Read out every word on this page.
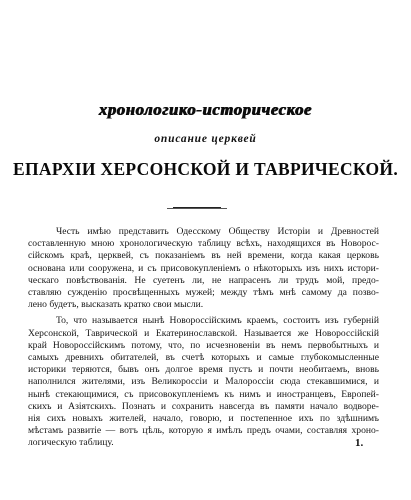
хронологико-историческое
описание церквей
ЕПАРХІИ ХЕРСОНСКОЙ И ТАВРИЧЕСКОЙ.
Честь имѣю представить Одесскому Обществу Исторіи и Древностей
составленную мною хронологическую таблицу всѣхъ, находящихся въ Новорос-
сійскомъ краѣ, церквей, съ показаніемъ въ ней времени, когда какая церковь
основана или сооружена, и съ присовокупленіемъ о нѣкоторыхъ изъ нихъ истори-
ческаго повѣствованія. Не суетенъ ли, не напрасенъ ли трудъ мой, предо-
ставляю сужденію просвѣщенныхъ мужей; между тѣмъ мнѣ самому да позво-
лено будетъ, высказать кратко свои мысли.
То, что называется нынѣ Новороссійскимъ краемъ, состоитъ изъ губерній
Херсонской, Таврической и Екатеринославской. Называется же Новороссійскій
край Новороссійскимъ потому, что, по исчезновеніи въ немъ первобытныхъ и
самыхъ древнихъ обитателей, въ счетѣ которыхъ и самые глубокомысленные
историки теряются, бывъ онъ долгое время пустъ и почти необитаемъ, вновь
наполнился жителями, изъ Великороссіи и Малороссіи сюда стекавшимися, и
нынѣ стекающимися, съ присовокупленіемъ къ нимъ и иностранцевъ, Европей-
скихъ и Азіятскихъ. Познать и сохранить навсегда въ памяти начало водворе-
нія сихъ новыхъ жителей, начало, говорю, и постепенное ихъ по здѣшнимъ
мѣстамъ развитіе — вотъ цѣль, которую я имѣлъ предъ очами, составляя хроно-
логическую таблицу.	1.
